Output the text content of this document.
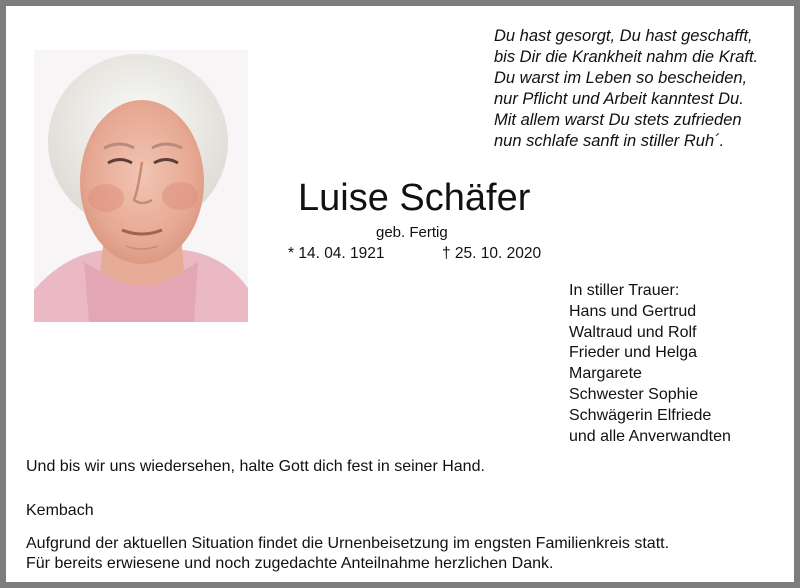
Du hast gesorgt, Du hast geschafft,
bis Dir die Krankheit nahm die Kraft.
Du warst im Leben so bescheiden,
nur Pflicht und Arbeit kanntest Du.
Mit allem warst Du stets zufrieden
nun schlafe sanft in stiller Ruh´.
Luise Schäfer
geb. Fertig
* 14. 04. 1921	† 25. 10. 2020
In stiller Trauer:
Hans und Gertrud
Waltraud und Rolf
Frieder und Helga
Margarete
Schwester Sophie
Schwägerin Elfriede
und alle Anverwandten
Und bis wir uns wiedersehen, halte Gott dich fest in seiner Hand.
Kembach
Aufgrund der aktuellen Situation findet die Urnenbeisetzung im engsten Familienkreis statt.
Für bereits erwiesene und noch zugedachte Anteilnahme herzlichen Dank.
